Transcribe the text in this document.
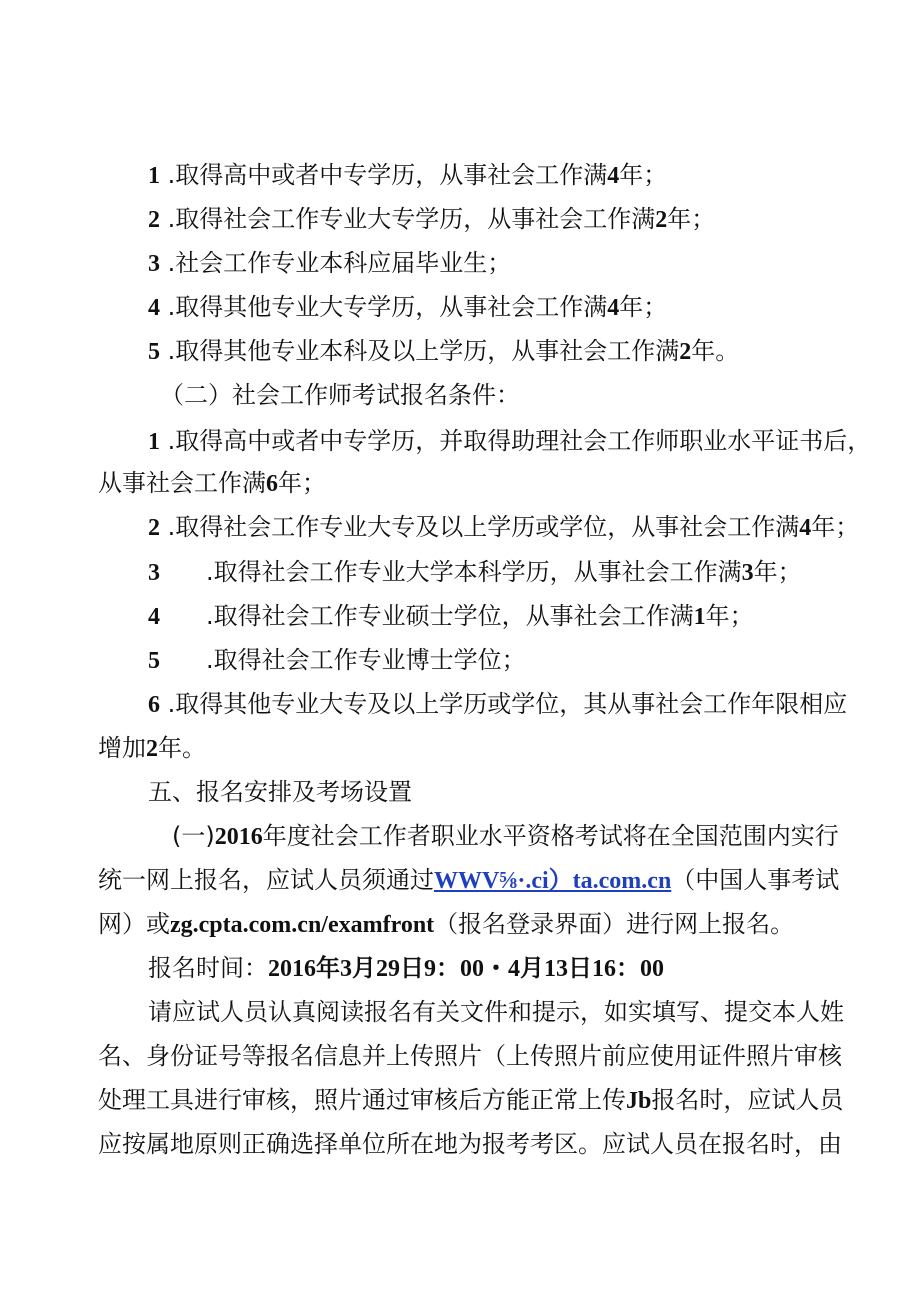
1 .取得高中或者中专学历，从事社会工作满4年；
2 .取得社会工作专业大专学历，从事社会工作满2年；
3 .社会工作专业本科应届毕业生；
4 .取得其他专业大专学历，从事社会工作满4年；
5 .取得其他专业本科及以上学历，从事社会工作满2年。
（二）社会工作师考试报名条件：
1 .取得高中或者中专学历，并取得助理社会工作师职业水平证书后，
从事社会工作满6年；
2 .取得社会工作专业大专及以上学历或学位，从事社会工作满4年；
3 .取得社会工作专业大学本科学历，从事社会工作满3年；
4 .取得社会工作专业硕士学位，从事社会工作满1年；
5 .取得社会工作专业博士学位；
6 .取得其他专业大专及以上学历或学位，其从事社会工作年限相应
增加2年。
五、报名安排及考场设置
(一)2016年度社会工作者职业水平资格考试将在全国范围内实行
统一网上报名，应试人员须通过WWV⅝·.ci）ta.com.cn（中国人事考试
网）或zg.cpta.com.cn/examfront（报名登录界面）进行网上报名。
报名时间：2016年3月29日9：00・4月13日16：00
请应试人员认真阅读报名有关文件和提示，如实填写、提交本人姓
名、身份证号等报名信息并上传照片（上传照片前应使用证件照片审核
处理工具进行审核，照片通过审核后方能正常上传Jb报名时，应试人员
应按属地原则正确选择单位所在地为报考考区。应试人员在报名时，由
